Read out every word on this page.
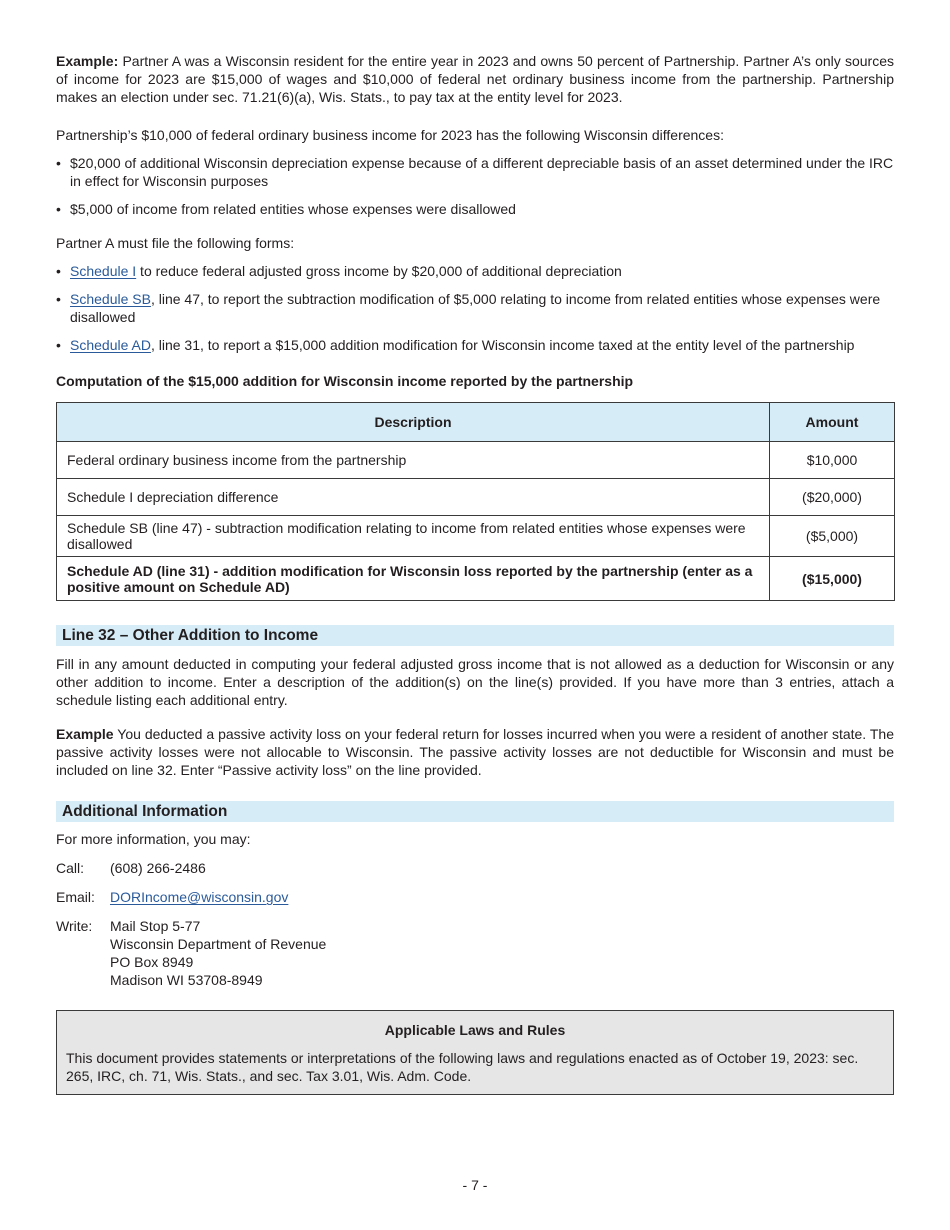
Example: Partner A was a Wisconsin resident for the entire year in 2023 and owns 50 percent of Partnership. Partner A’s only sources of income for 2023 are $15,000 of wages and $10,000 of federal net ordinary business income from the partnership. Partnership makes an election under sec. 71.21(6)(a), Wis. Stats., to pay tax at the entity level for 2023.

Partnership’s $10,000 of federal ordinary business income for 2023 has the following Wisconsin differences:

• $20,000 of additional Wisconsin depreciation expense because of a different depreciable basis of an asset determined under the IRC in effect for Wisconsin purposes
• $5,000 of income from related entities whose expenses were disallowed

Partner A must file the following forms:

• Schedule I to reduce federal adjusted gross income by $20,000 of additional depreciation
• Schedule SB, line 47, to report the subtraction modification of $5,000 relating to income from related entities whose expenses were disallowed
• Schedule AD, line 31, to report a $15,000 addition modification for Wisconsin income taxed at the entity level of the partnership

Computation of the $15,000 addition for Wisconsin income reported by the partnership

Description	Amount
Federal ordinary business income from the partnership	$10,000
Schedule I depreciation difference	($20,000)
Schedule SB (line 47) - subtraction modification relating to income from related entities whose expenses were disallowed	($5,000)
Schedule AD (line 31) - addition modification for Wisconsin loss reported by the partnership (enter as a positive amount on Schedule AD)	($15,000)
Line 32 – Other Addition to Income

Fill in any amount deducted in computing your federal adjusted gross income that is not allowed as a deduction for Wisconsin or any other addition to income. Enter a description of the addition(s) on the line(s) provided. If you have more than 3 entries, attach a schedule listing each additional entry.

Example You deducted a passive activity loss on your federal return for losses incurred when you were a resident of another state. The passive activity losses were not allocable to Wisconsin. The passive activity losses are not deductible for Wisconsin and must be included on line 32. Enter “Passive activity loss” on the line provided.

Additional Information

For more information, you may:

Call:	(608) 266-2486
Email:	DORIncome@wisconsin.gov
Write:	Mail Stop 5-77
Wisconsin Department of Revenue
PO Box 8949
Madison WI 53708-8949
Applicable Laws and Rules
This document provides statements or interpretations of the following laws and regulations enacted as of October 19, 2023: sec. 265, IRC, ch. 71, Wis. Stats., and sec. Tax 3.01, Wis. Adm. Code.
- 7 -
